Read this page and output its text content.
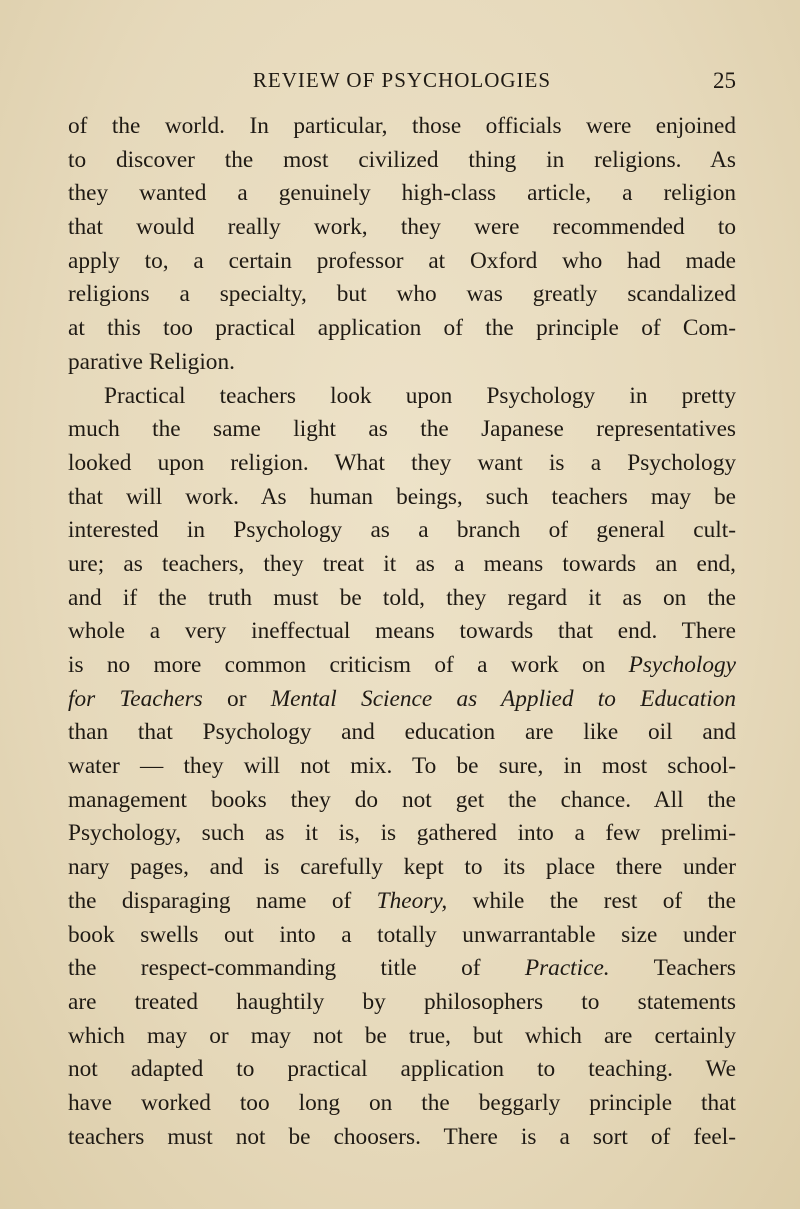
REVIEW OF PSYCHOLOGIES	25
of the world. In particular, those officials were enjoined
to discover the most civilized thing in religions. As
they wanted a genuinely high-class article, a religion
that would really work, they were recommended to
apply to, a certain professor at Oxford who had made
religions a specialty, but who was greatly scandalized
at this too practical application of the principle of Com-
parative Religion.
Practical teachers look upon Psychology in pretty
much the same light as the Japanese representatives
looked upon religion. What they want is a Psychology
that will work. As human beings, such teachers may be
interested in Psychology as a branch of general cult-
ure; as teachers, they treat it as a means towards an end,
and if the truth must be told, they regard it as on the
whole a very ineffectual means towards that end. There
is no more common criticism of a work on Psychology
for Teachers or Mental Science as Applied to Education
than that Psychology and education are like oil and
water — they will not mix. To be sure, in most school-
management books they do not get the chance. All the
Psychology, such as it is, is gathered into a few prelimi-
nary pages, and is carefully kept to its place there under
the disparaging name of Theory, while the rest of the
book swells out into a totally unwarrantable size under
the respect-commanding title of Practice. Teachers
are treated haughtily by philosophers to statements
which may or may not be true, but which are certainly
not adapted to practical application to teaching. We
have worked too long on the beggarly principle that
teachers must not be choosers. There is a sort of feel-
